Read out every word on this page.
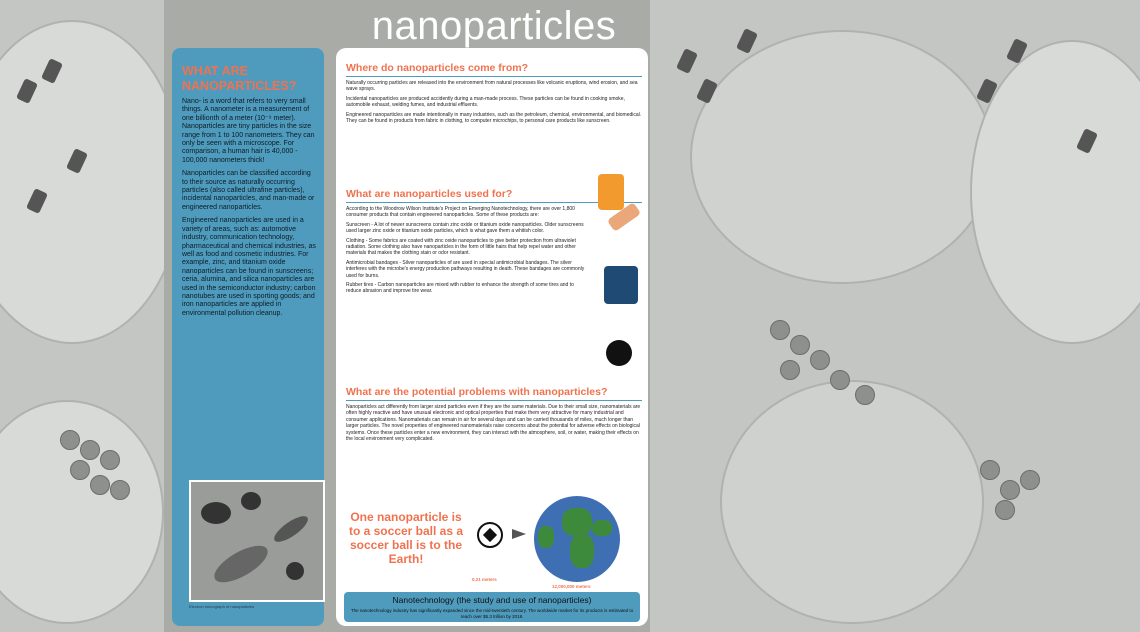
nanoparticles
WHAT ARE NANOPARTICLES?

Nano- is a word that refers to very small things. A nanometer is a measurement of one billionth of a meter (10⁻⁹ meter). Nanoparticles are tiny particles in the size range from 1 to 100 nanometers. They can only be seen with a microscope. For comparison, a human hair is 40,000 - 100,000 nanometers thick!

Nanoparticles can be classified according to their source as naturally occurring particles (also called ultrafine particles), incidental nanoparticles, and man-made or engineered nanoparticles.

Engineered nanoparticles are used in a variety of areas, such as: automotive industry, communication technology, pharmaceutical and chemical industries, as well as food and cosmetic industries. For example, zinc, and titanium oxide nanoparticles can be found in sunscreens; ceria, alumina, and silica nanoparticles are used in the semiconductor industry; carbon nanotubes are used in sporting goods; and iron nanoparticles are applied in environmental pollution cleanup.

Electron micrograph of nanoparticles
Where do nanoparticles come from?

Naturally occurring particles are released into the environment from natural processes like volcanic eruptions, wind erosion, and sea wave sprays.

Incidental nanoparticles are produced accidently during a man-made process. These particles can be found in cooking smoke, automobile exhaust, welding fumes, and industrial effluents.

Engineered nanoparticles are made intentionally in many industries, such as the petroleum, chemical, environmental, and biomedical. They can be found in products from fabric in clothing, to computer microchips, to personal care products like sunscreen.

What are nanoparticles used for?

According to the Woodrow Wilson Institute's Project on Emerging Nanotechnology, there are over 1,800 consumer products that contain engineered nanoparticles. Some of these products are:

Sunscreen - A lot of newer sunscreens contain zinc oxide or titanium oxide nanoparticles. Older sunscreens used larger zinc oxide or titanium oxide particles, which is what gave them a whitish color.

Clothing - Some fabrics are coated with zinc oxide nanoparticles to give better protection from ultraviolet radiation. Some clothing also have nanoparticles in the form of little hairs that help repel water and other materials that makes the clothing stain or odor resistant.

Antimicrobial bandages - Silver nanoparticles of are used in special antimicrobial bandages. The silver interferes with the microbe's energy production pathways resulting in death. These bandages are commonly used for burns.

Rubber tires - Carbon nanoparticles are mixed with rubber to enhance the strength of some tires and to reduce abrasion and improve tire wear.

What are the potential problems with nanoparticles?

Nanoparticles act differently from larger sized particles even if they are the same materials. Due to their small size, nanomaterials are often highly reactive and have unusual electronic and optical properties that make them very attractive for many industrial and consumer applications. Nanomaterials can remain in air for several days and can be carried thousands of miles, much longer than larger particles. The novel properties of engineered nanomaterials raise concerns about the potential for adverse effects on biological systems. Once these particles enter a new environment, they can interact with the atmosphere, soil, or water, making their effects on the local environment very complicated.

One nanoparticle is to a soccer ball as a soccer ball is to the Earth!
0.21 meters
12,000,000 meters
Nanotechnology (the study and use of nanoparticles)
The nanotechnology industry has significantly expanded since the mid-twentieth century. The worldwide market for its products is estimated to reach over $5.3 trillion by 2018.
